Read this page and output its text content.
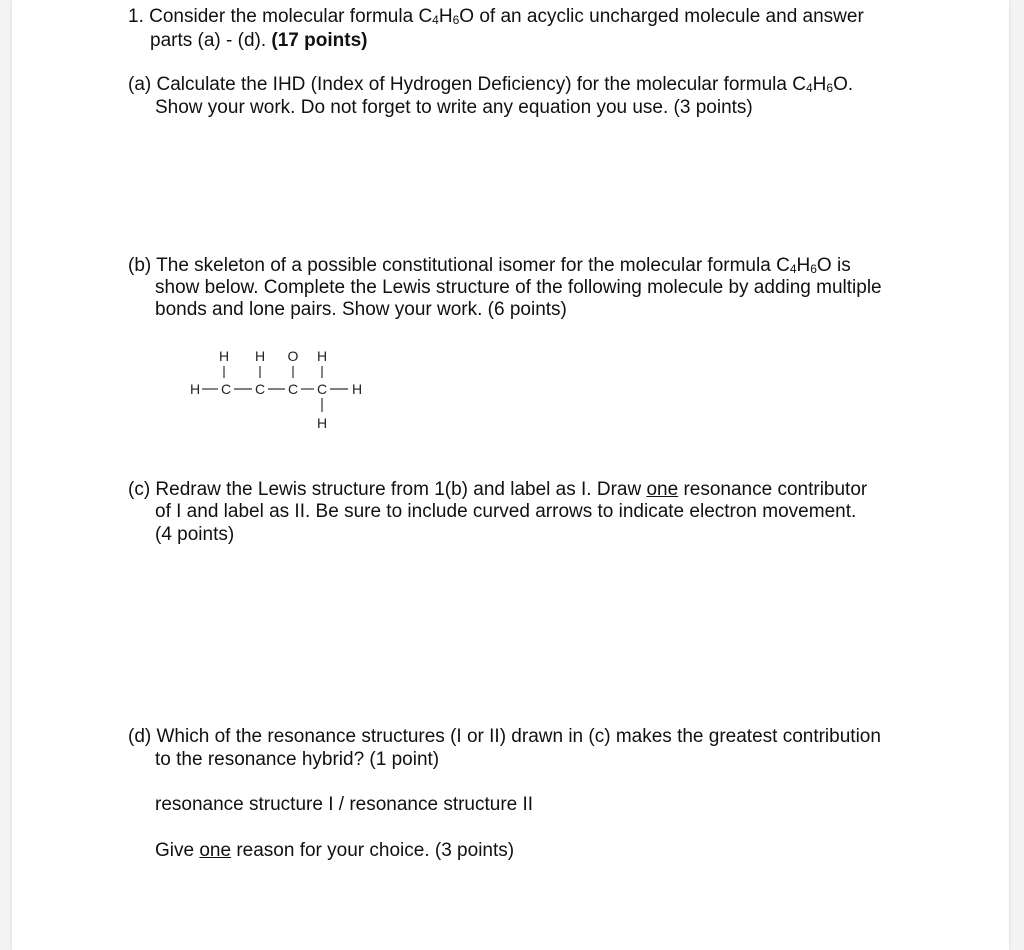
1. Consider the molecular formula $C_4H_6O$ of an acyclic uncharged molecule and answer
parts (a) - (d). (17 points)
(a) Calculate the IHD (Index of Hydrogen Deficiency) for the molecular formula $C_4H_6O$.
Show your work. Do not forget to write any equation you use. (3 points)
(b) The skeleton of a possible constitutional isomer for the molecular formula $C_4H_6O$ is
show below. Complete the Lewis structure of the following molecule by adding multiple
bonds and lone pairs. Show your work. (6 points)
H H O H
H C C C C H
H
(c) Redraw the Lewis structure from 1(b) and label as I. Draw one resonance contributor
of I and label as II. Be sure to include curved arrows to indicate electron movement.
(4 points)
(d) Which of the resonance structures (I or II) drawn in (c) makes the greatest contribution
to the resonance hybrid? (1 point)
resonance structure I / resonance structure II
Give one reason for your choice. (3 points)
